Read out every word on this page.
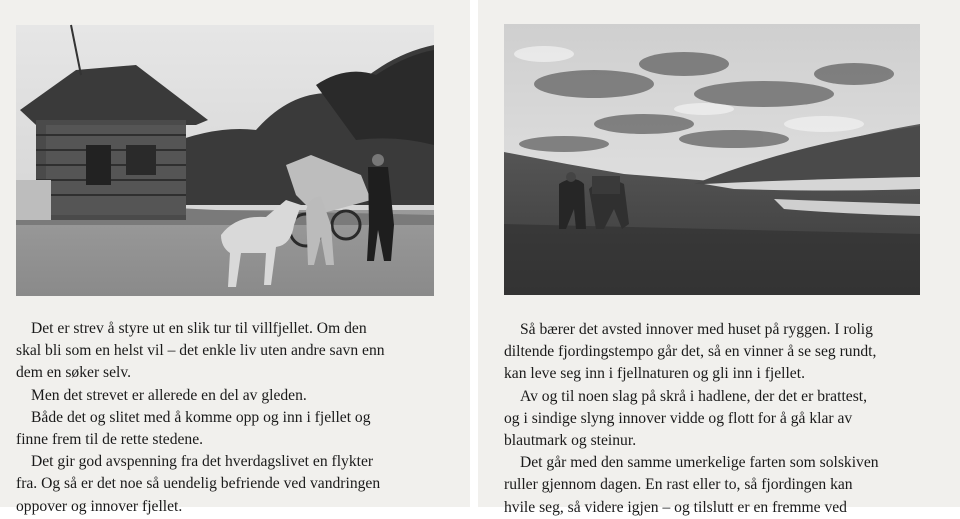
Det er strev å styre ut en slik tur til villfjellet. Om den

skal bli som en helst vil – det enkle liv uten andre savn enn

dem en søker selv.

Men det strevet er allerede en del av gleden.

Både det og slitet med å komme opp og inn i fjellet og

finne frem til de rette stedene.

Det gir god avspenning fra det hverdagslivet en flykter

fra. Og så er det noe så uendelig befriende ved vandringen

oppover og innover fjellet.

Så bærer det avsted innover med huset på ryggen. I rolig

diltende fjordingstempo går det, så en vinner å se seg rundt,

kan leve seg inn i fjellnaturen og gli inn i fjellet.

Av og til noen slag på skrå i hadlene, der det er brattest,

og i sindige slyng innover vidde og flott for å gå klar av

blautmark og steinur.

Det går med den samme umerkelige farten som solskiven

ruller gjennom dagen. En rast eller to, så fjordingen kan

hvile seg, så videre igjen – og tilslutt er en fremme ved
